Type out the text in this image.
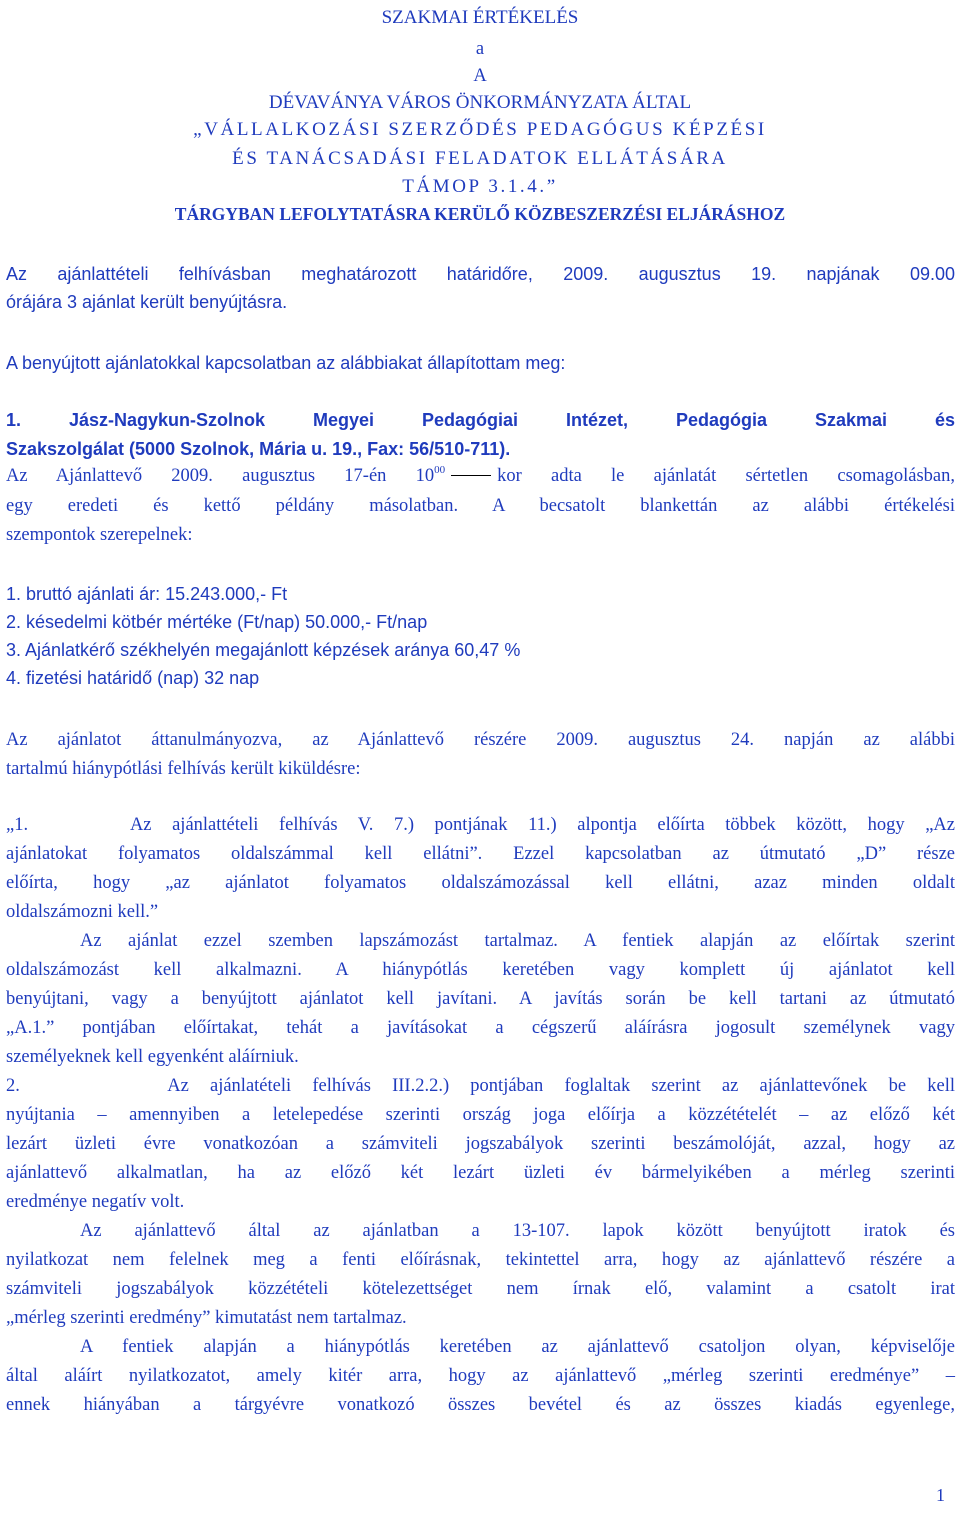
SZAKMAI ÉRTÉKELÉS
a
A
DÉVAVÁNYA VÁROS ÖNKORMÁNYZATA ÁLTAL
„VÁLLALKOZÁSI SZERZŐDÉS PEDAGÓGUS KÉPZÉSI
ÉS TANÁCSADÁSI FELADATOK ELLÁTÁSÁRA
TÁMOP 3.1.4.”
TÁRGYBAN LEFOLYTATÁSRA KERÜLŐ KÖZBESZERZÉSI ELJÁRÁSHOZ
Az ajánlattételi felhívásban meghatározott határidőre, 2009. augusztus 19. napjának 09.00
órájára 3 ajánlat került benyújtásra.
A benyújtott ajánlatokkal kapcsolatban az alábbiakat állapítottam meg:
1. Jász-Nagykun-Szolnok Megyei Pedagógiai Intézet, Pedagógia Szakmai és
Szakszolgálat (5000 Szolnok, Mária u. 19., Fax: 56/510-711).
Az Ajánlattevő 2009. augusztus 17-én $10^{00}$	kor adta le ajánlatát sértetlen csomagolásban,
egy eredeti és kettő példány másolatban. A becsatolt blankettán az alábbi értékelési
szempontok szerepelnek:
1. bruttó ajánlati ár: 15.243.000,- Ft
2. késedelmi kötbér mértéke (Ft/nap) 50.000,- Ft/nap
3. Ajánlatkérő székhelyén megajánlott képzések aránya 60,47 %
4. fizetési határidő (nap) 32 nap
Az ajánlatot áttanulmányozva, az Ajánlattevő részére 2009. augusztus 24. napján az alábbi
tartalmú hiánypótlási felhívás került kiküldésre:
„1.     Az ajánlattételi felhívás V. 7.) pontjának 11.) alpontja előírta többek között, hogy „Az
ajánlatokat folyamatos oldalszámmal kell ellátni”. Ezzel kapcsolatban az útmutató „D” része
előírta, hogy „az ajánlatot folyamatos oldalszámozással kell ellátni, azaz minden oldalt
oldalszámozni kell.”
Az ajánlat ezzel szemben lapszámozást tartalmaz. A fentiek alapján az előírtak szerint
oldalszámozást kell alkalmazni. A hiánypótlás keretében vagy komplett új ajánlatot kell
benyújtani, vagy a benyújtott ajánlatot kell javítani. A javítás során be kell tartani az útmutató
„A.1.” pontjában előírtakat, tehát a javításokat a cégszerű aláírásra jogosult személynek vagy
személyeknek kell egyenként aláírniuk.
2.       Az ajánlatételi felhívás III.2.2.) pontjában foglaltak szerint az ajánlattevőnek be kell
nyújtania – amennyiben a letelepedése szerinti ország joga előírja a közzétételét – az előző két
lezárt üzleti évre vonatkozóan a számviteli jogszabályok szerinti beszámolóját, azzal, hogy az
ajánlattevő alkalmatlan, ha az előző két lezárt üzleti év bármelyikében a mérleg szerinti
eredménye negatív volt.
Az ajánlattevő által az ajánlatban a 13-107. lapok között benyújtott iratok és
nyilatkozat nem felelnek meg a fenti előírásnak, tekintettel arra, hogy az ajánlattevő részére a
számviteli jogszabályok közzétételi kötelezettséget nem írnak elő, valamint a csatolt irat
„mérleg szerinti eredmény” kimutatást nem tartalmaz.
A fentiek alapján a hiánypótlás keretében az ajánlattevő csatoljon olyan, képviselője
által aláírt nyilatkozatot, amely kitér arra, hogy az ajánlattevő „mérleg szerinti eredménye” –
ennek hiányában a tárgyévre vonatkozó összes bevétel és az összes kiadás egyenlege,
1
